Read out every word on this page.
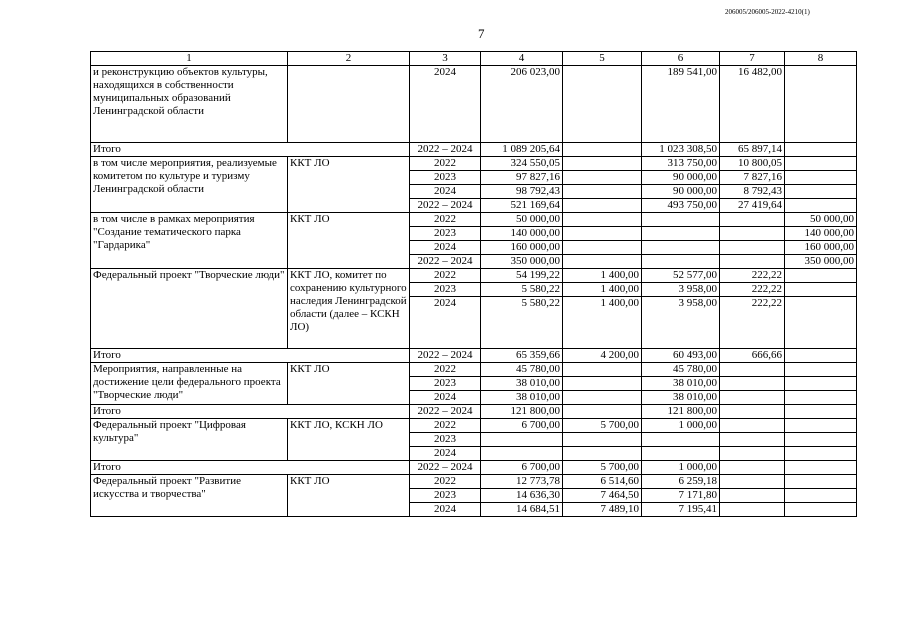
206005/206005-2022-4210(1)
7
1	2	3	4	5	6	7	8
и реконструкцию объектов культуры, находящихся в собственности муниципальных образований Ленинградской области		2024	206 023,00		189 541,00	16 482,00	
Итого		2022 – 2024	1 089 205,64		1 023 308,50	65 897,14	
в том числе мероприятия, реализуемые комитетом по культуре и туризму Ленинградской области	ККТ ЛО	2022	324 550,05		313 750,00	10 800,05	
		2023	97 827,16		90 000,00	7 827,16	
		2024	98 792,43		90 000,00	8 792,43	
		2022 – 2024	521 169,64		493 750,00	27 419,64	
в том числе в рамках мероприятия "Создание тематического парка "Гардарика"	ККТ ЛО	2022	50 000,00				50 000,00
		2023	140 000,00				140 000,00
		2024	160 000,00				160 000,00
		2022 – 2024	350 000,00				350 000,00
Федеральный проект "Творческие люди"	ККТ ЛО, комитет по сохранению культурного наследия Ленинградской области (далее – КСКН ЛО)	2022	54 199,22	1 400,00	52 577,00	222,22	
		2023	5 580,22	1 400,00	3 958,00	222,22	
		2024	5 580,22	1 400,00	3 958,00	222,22	
Итого		2022 – 2024	65 359,66	4 200,00	60 493,00	666,66	
Мероприятия, направленные на достижение цели федерального проекта "Творческие люди"	ККТ ЛО	2022	45 780,00		45 780,00		
		2023	38 010,00		38 010,00		
		2024	38 010,00		38 010,00		
Итого		2022 – 2024	121 800,00		121 800,00		
Федеральный проект "Цифровая культура"	ККТ ЛО, КСКН ЛО	2022	6 700,00	5 700,00	1 000,00		
		2023					
		2024					
Итого		2022 – 2024	6 700,00	5 700,00	1 000,00		
Федеральный проект "Развитие искусства и творчества"	ККТ ЛО	2022	12 773,78	6 514,60	6 259,18		
		2023	14 636,30	7 464,50	7 171,80		
		2024	14 684,51	7 489,10	7 195,41		
